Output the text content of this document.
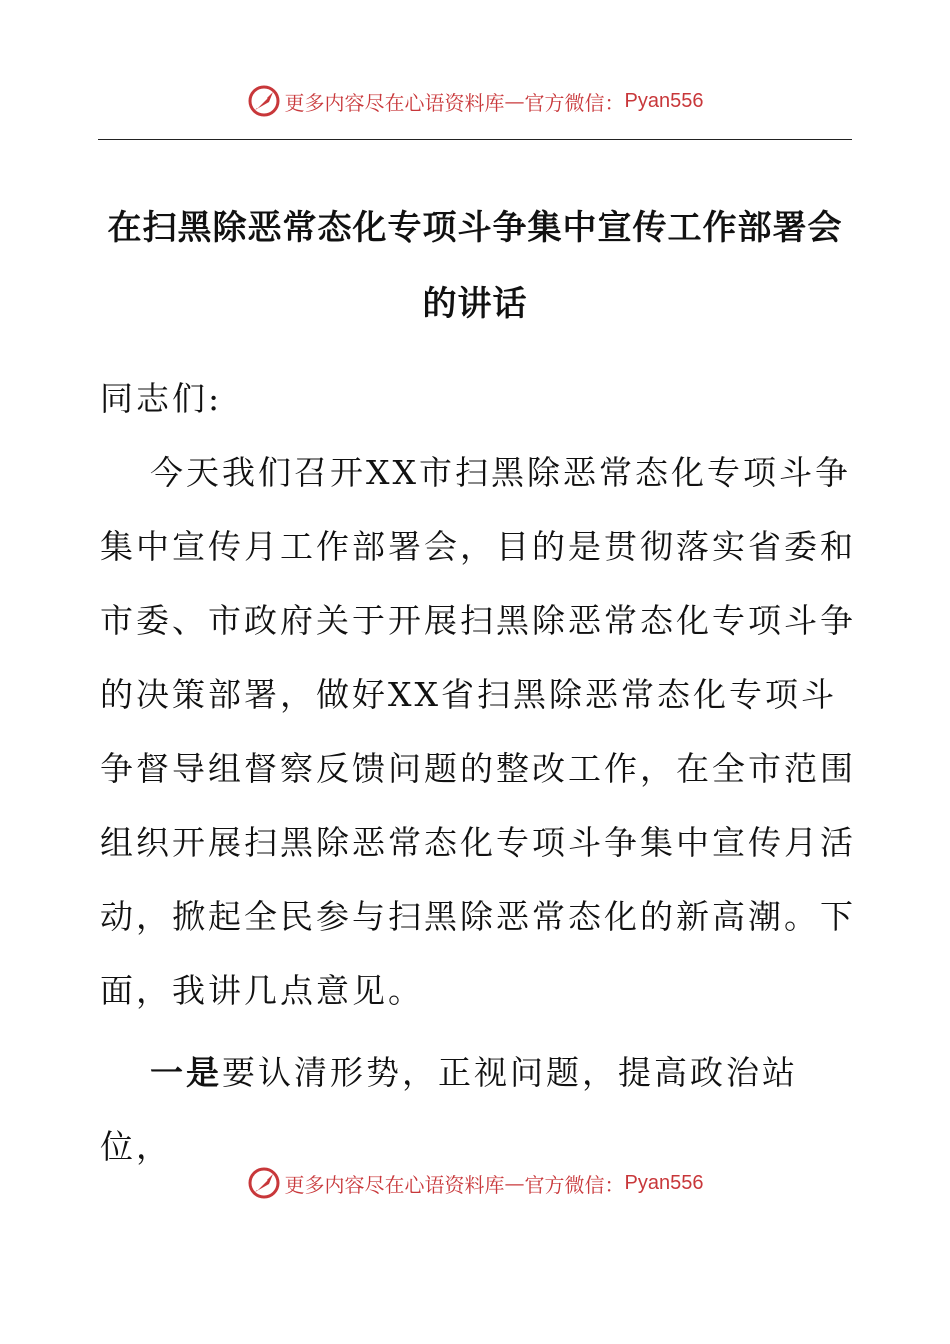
更多内容尽在心语资料库 — 官方微信： Pyan556
在扫黑除恶常态化专项斗争集中宣传工作部署会的讲话

同志们:

今天我们召开XX市扫黑除恶常态化专项斗争集中宣传月工作部署会，目的是贯彻落实省委和市委、市政府关于开展扫黑除恶常态化专项斗争的决策部署，做好XX省扫黑除恶常态化专项斗争督导组督察反馈问题的整改工作，在全市范围组织开展扫黑除恶常态化专项斗争集中宣传月活动，掀起全民参与扫黑除恶常态化的新高潮。下面，我讲几点意见。

一是要认清形势，正视问题，提高政治站位，

更多内容尽在心语资料库 — 官方微信： Pyan556
